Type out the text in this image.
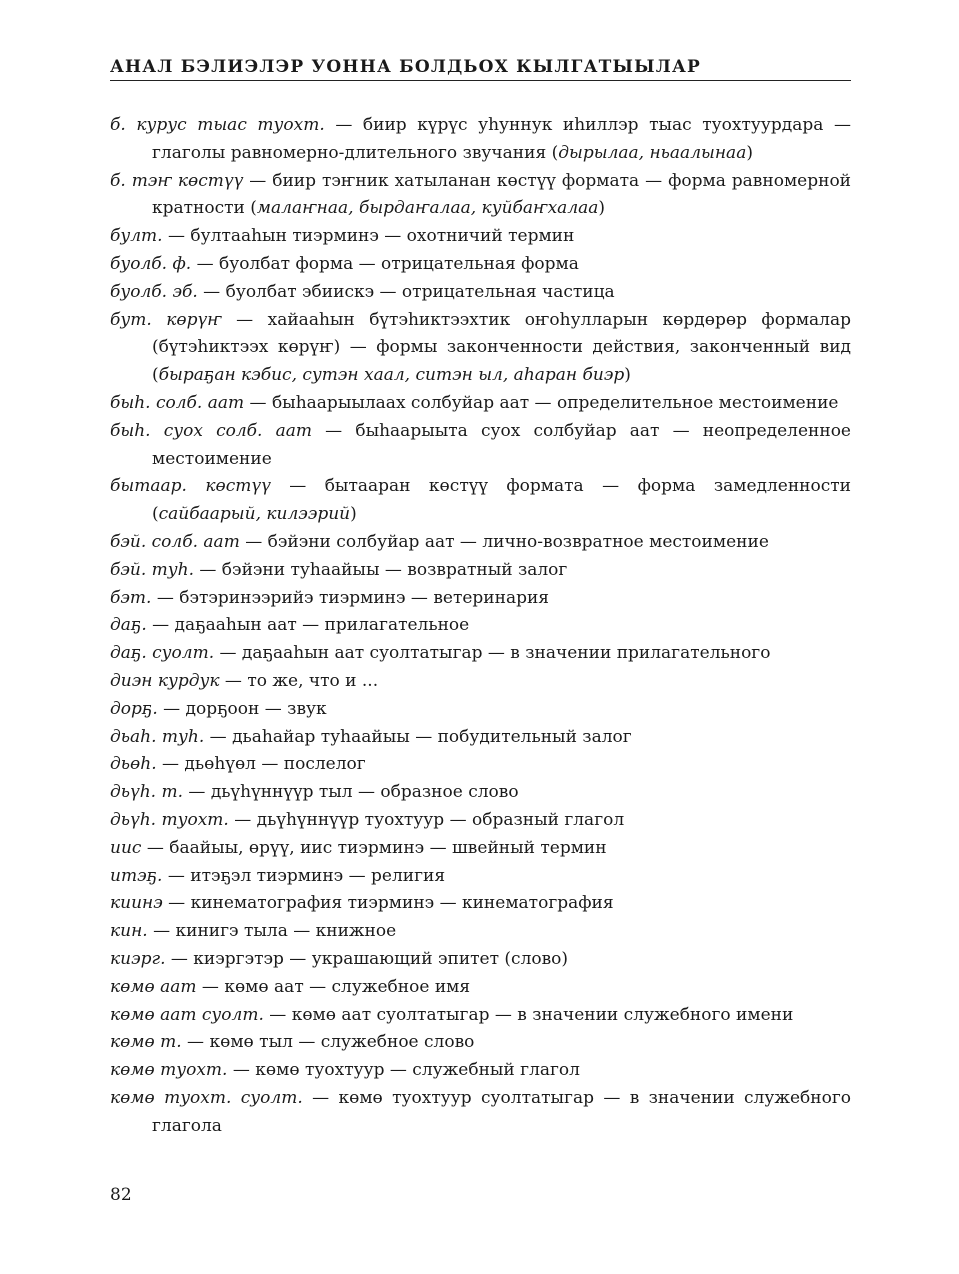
АНАЛ БЭЛИЭЛЭР УОННА БОЛДЬОХ КЫЛГАТЫЫЛАР
б. курус тыас туохт. — биир күрүс уһуннук иһиллэр тыас туохтуурдара — глаголы равномерно-длительного звучания (дырылаа, ньаалынаа)
б. тэҥ көстүү — биир тэҥник хатыланан көстүү формата — форма равномерной кратности (малаҥнаа, бырдаҥалаа, куйбаҥхалаа)
булт. — бултааһын тиэрминэ — охотничий термин
буолб. ф. — буолбат форма — отрицательная форма
буолб. эб. — буолбат эбиискэ — отрицательная частица
бут. көрүҥ — хайааһын бүтэһиктээхтик оҥоһулларын көрдөрөр формалар (бүтэһиктээх көрүҥ) — формы законченности действия, законченный вид (быраҕан кэбис, сутэн хаал, ситэн ыл, аһаран биэр)
быһ. солб. аат — быһаарыылаах солбуйар аат — определительное местоимение
быһ. суох солб. аат — быһаарыыта суох солбуйар аат — неопределенное местоимение
бытаар. көстүү — бытааран көстүү формата — форма замедленности (сайбаарый, килээрий)
бэй. солб. аат — бэйэни солбуйар аат — лично-возвратное местоимение
бэй. туһ. — бэйэни туһаайыы — возвратный залог
бэт. — бэтэринээрийэ тиэрминэ — ветеринария
даҕ. — даҕааһын аат — прилагательное
даҕ. суолт. — даҕааһын аат суолтатыгар — в значении прилагательного
диэн курдук — то же, что и ...
дорҕ. — дорҕоон — звук
дьаһ. туһ. — дьаһайар туһаайыы — побудительный залог
дьөһ. — дьөһүөл — послелог
дьүһ. т. — дьүһүннүүр тыл — образное слово
дьүһ. туохт. — дьүһүннүүр туохтуур — образный глагол
иис — баайыы, өрүү, иис тиэрминэ — швейный термин
итэҕ. — итэҕэл тиэрминэ — религия
киинэ — кинематография тиэрминэ — кинематография
кин. — кинигэ тыла — книжное
киэрг. — киэргэтэр — украшающий эпитет (слово)
көмө аат — көмө аат — служебное имя
көмө аат суолт. — көмө аат суолтатыгар — в значении служебного имени
көмө т. — көмө тыл — служебное слово
көмө туохт. — көмө туохтуур — служебный глагол
көмө туохт. суолт. — көмө туохтуур суолтатыгар — в значении служебного глагола
82
